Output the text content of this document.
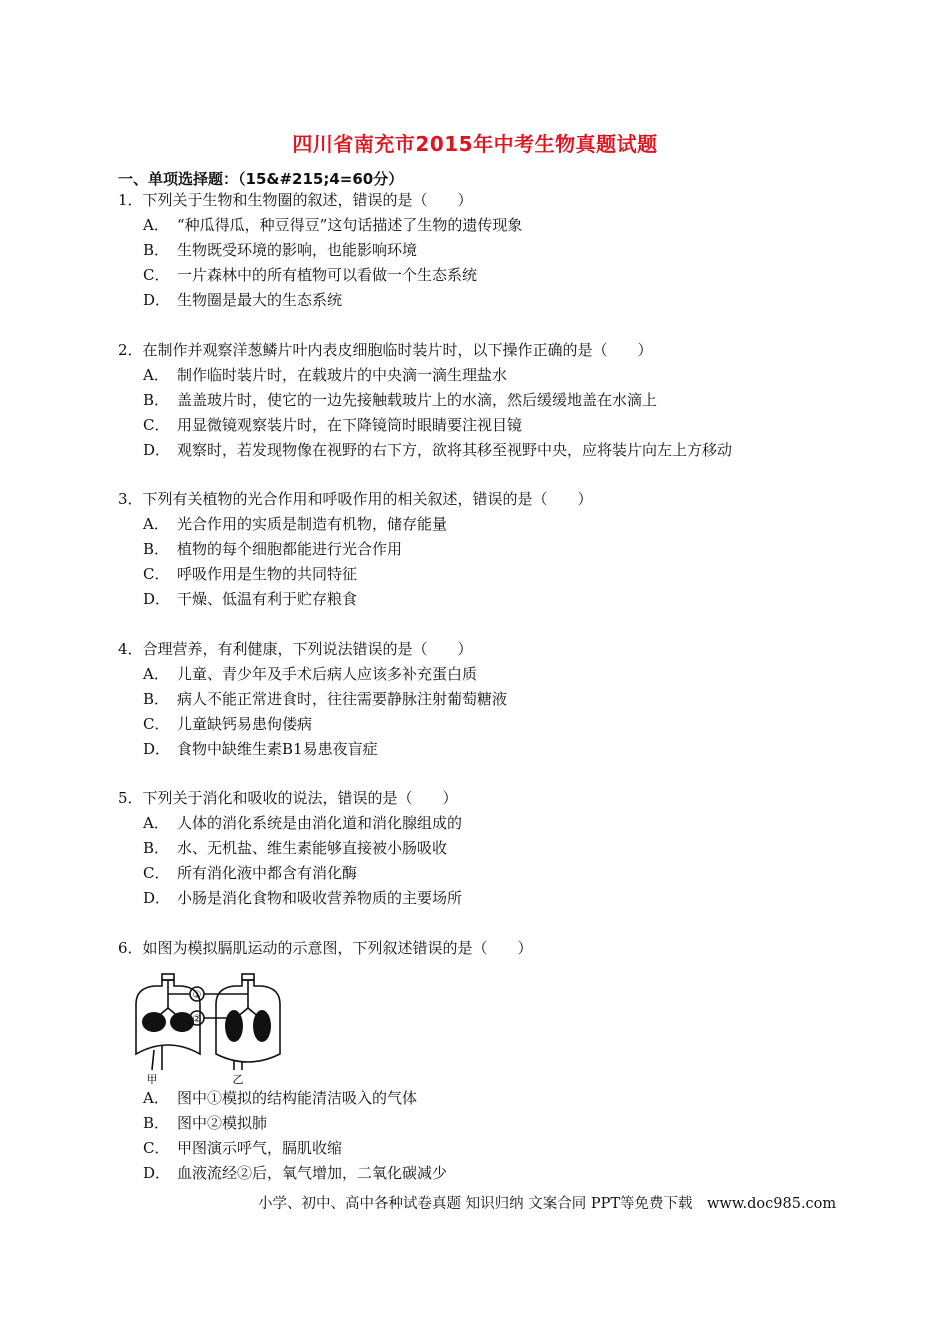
四川省南充市2015年中考生物真题试题
一、单项选择题：（15&#215;4=60分）
1．下列关于生物和生物圈的叙述，错误的是（　　）
A． “种瓜得瓜，种豆得豆”这句话描述了生物的遗传现象
B． 生物既受环境的影响，也能影响环境
C． 一片森林中的所有植物可以看做一个生态系统
D． 生物圈是最大的生态系统
2．在制作并观察洋葱鳞片叶内表皮细胞临时装片时，以下操作正确的是（　　）
A． 制作临时装片时，在载玻片的中央滴一滴生理盐水
B． 盖盖玻片时，使它的一边先接触载玻片上的水滴，然后缓缓地盖在水滴上
C． 用显微镜观察装片时，在下降镜筒时眼睛要注视目镜
D． 观察时，若发现物像在视野的右下方，欲将其移至视野中央，应将装片向左上方移动
3．下列有关植物的光合作用和呼吸作用的相关叙述，错误的是（　　）
A． 光合作用的实质是制造有机物，储存能量
B． 植物的每个细胞都能进行光合作用
C． 呼吸作用是生物的共同特征
D． 干燥、低温有利于贮存粮食
4．合理营养，有利健康，下列说法错误的是（　　）
A． 儿童、青少年及手术后病人应该多补充蛋白质
B． 病人不能正常进食时，往往需要静脉注射葡萄糖液
C． 儿童缺钙易患佝偻病
D． 食物中缺维生素B1易患夜盲症
5．下列关于消化和吸收的说法，错误的是（　　）
A． 人体的消化系统是由消化道和消化腺组成的
B． 水、无机盐、维生素能够直接被小肠吸收
C． 所有消化液中都含有消化酶
D． 小肠是消化食物和吸收营养物质的主要场所
6．如图为模拟膈肌运动的示意图，下列叙述错误的是（　　）
①
②
甲	乙
A． 图中①模拟的结构能清洁吸入的气体
B． 图中②模拟肺
C． 甲图演示呼气，膈肌收缩
D． 血液流经②后，氧气增加，二氧化碳减少
小学、初中、高中各种试卷真题 知识归纳 文案合同 PPT等免费下载　www.doc985.com
